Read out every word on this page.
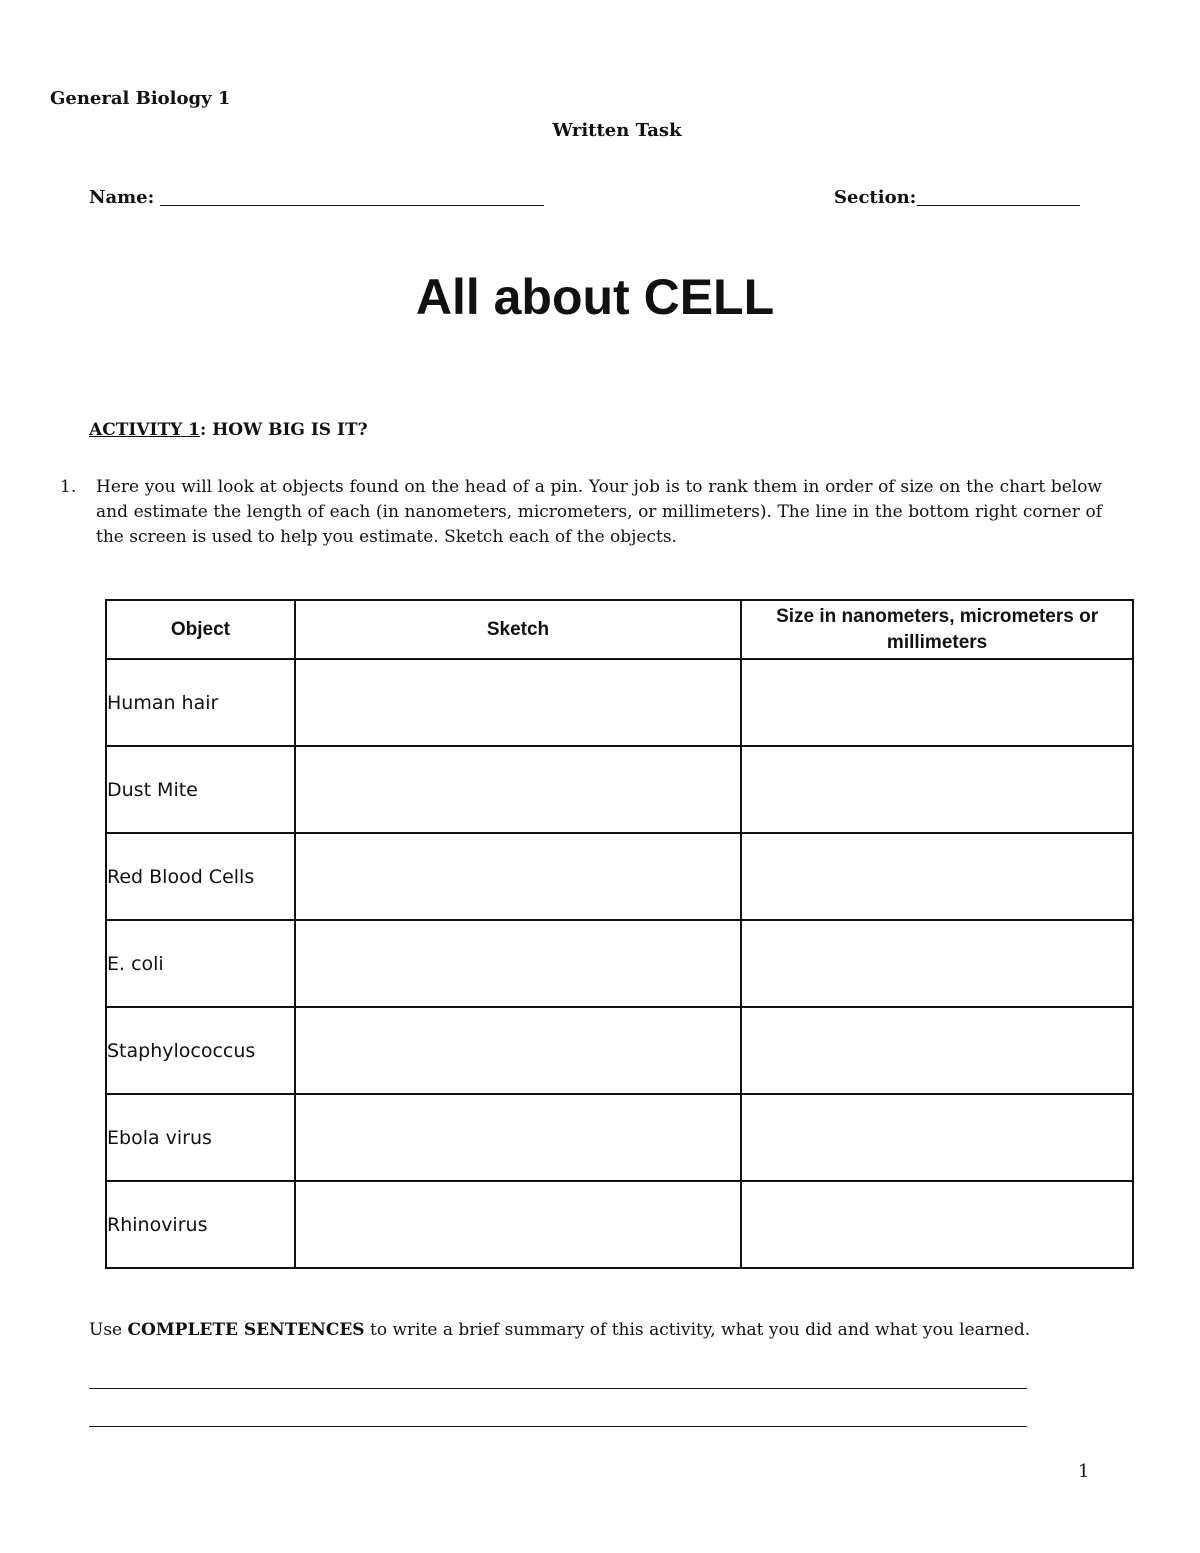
General Biology 1
Written Task
Name:	Section:
All about CELL
ACTIVITY 1: HOW BIG IS IT?
1. Here you will look at objects found on the head of a pin. Your job is to rank them in order of size on the chart below and estimate the length of each (in nanometers, micrometers, or millimeters). The line in the bottom right corner of the screen is used to help you estimate. Sketch each of the objects.
Object	Sketch	Size in nanometers, micrometers or millimeters
Human hair		
Dust Mite		
Red Blood Cells		
E. coli		
Staphylococcus		
Ebola virus		
Rhinovirus		
Use COMPLETE SENTENCES to write a brief summary of this activity, what you did and what you learned.
1
